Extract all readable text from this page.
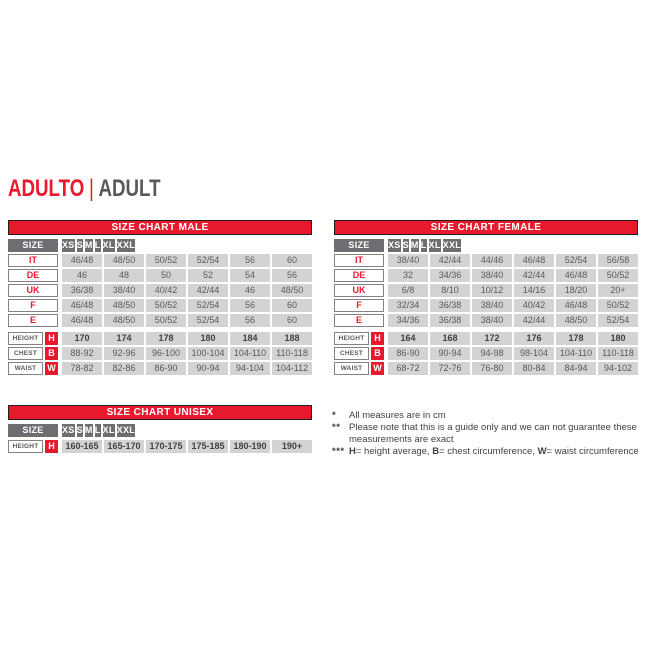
ADULTO | ADULT
SIZE CHART MALE
SIZE	XS S M L XL XXL
IT	46/48	48/50	50/52	52/54	56	60
DE	46	48	50	52	54	56
UK	36/38	38/40	40/42	42/44	46	48/50
F	46/48	48/50	50/52	52/54	56	60
E	46/48	48/50	50/52	52/54	56	60
HEIGHT	H	170	174	178	180	184	188
CHEST	B	88-92	92-96	96-100	100-104	104-110	110-118
WAIST	W	78-82	82-86	86-90	90-94	94-104	104-112
SIZE CHART FEMALE
SIZE	XS S M L XL XXL
IT	38/40	42/44	44/46	46/48	52/54	56/58
DE	32	34/36	38/40	42/44	46/48	50/52
UK	6/8	8/10	10/12	14/16	18/20	20+
F	32/34	36/38	38/40	40/42	46/48	50/52
E	34/36	36/38	38/40	42/44	48/50	52/54
HEIGHT	H	164	168	172	176	178	180
CHEST	B	86-90	90-94	94-98	98-104	104-110	110-118
WAIST	W	68-72	72-76	76-80	80-84	84-94	94-102
SIZE CHART UNISEX
SIZE	XS S M L XL XXL
HEIGHT	H	160-165 165-170 170-175 175-185 180-190	190+
*	All measures are in cm
** Please note that this is a guide only and we can not guarantee these measurements are exact
*** H= height average, B= chest circumference, W= waist circumference
